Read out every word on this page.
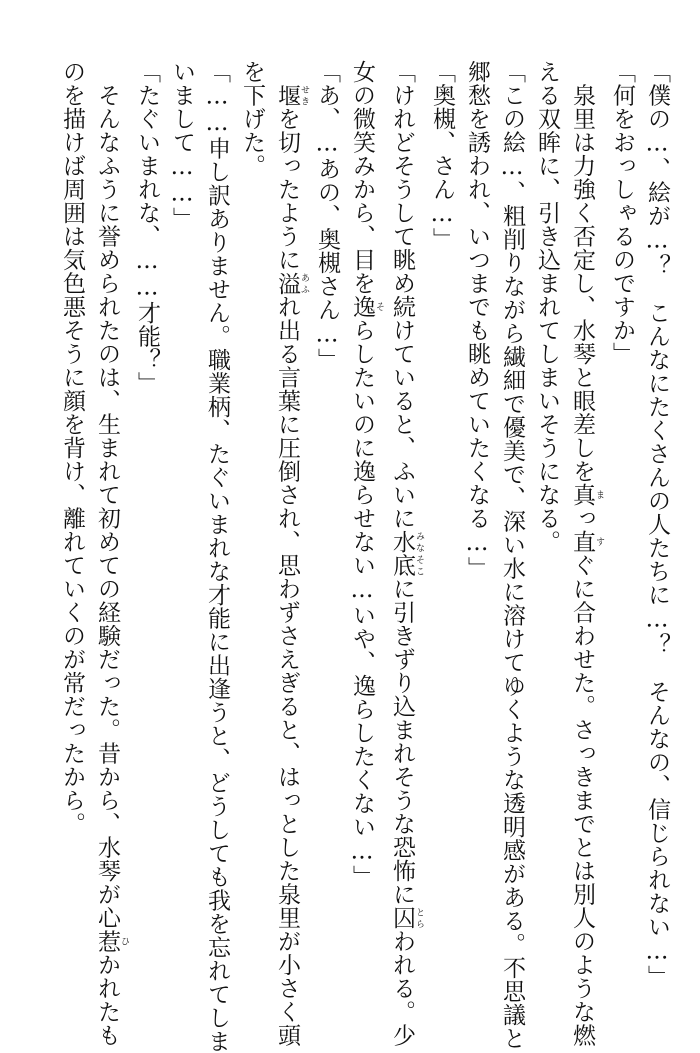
「僕の…、絵が…？　こんなにたくさんの人たちに…？　そんなの、信じられない…」

「何をおっしゃるのですか」

　泉里は力強く否定し、水琴と眼差しを真 まっ直 すぐに合わせた。さっきまでとは別人のような燃

える双眸に、引き込まれてしまいそうになる。

「この絵…、粗削りながら繊細で優美で、深い水に溶けてゆくような透明感がある。不思議と

郷愁を誘われ、いつまでも眺めていたくなる…」

「奥槻、さん…」

「けれどそうして眺め続けていると、ふいに水底 みなそこに引きずり込まれそうな恐怖に囚 とらわれる。少

女の微笑みから、目を逸 そらしたいのに逸らせない…いや、逸らしたくない…」

「あ、…あの、奥槻さん…」

　堰 せきを切ったように溢 あふれ出る言葉に圧倒され、思わずさえぎると、はっとした泉里が小さく頭

を下げた。

「……申し訳ありません。職業柄、たぐいまれな才能に出逢うと、どうしても我を忘れてしま

いまして……」

「たぐいまれな、……才能？」

　そんなふうに誉められたのは、生まれて初めての経験だった。昔から、水琴が心惹 ひかれたも

のを描けば周囲は気色悪そうに顔を背け、離れていくのが常だったから。
